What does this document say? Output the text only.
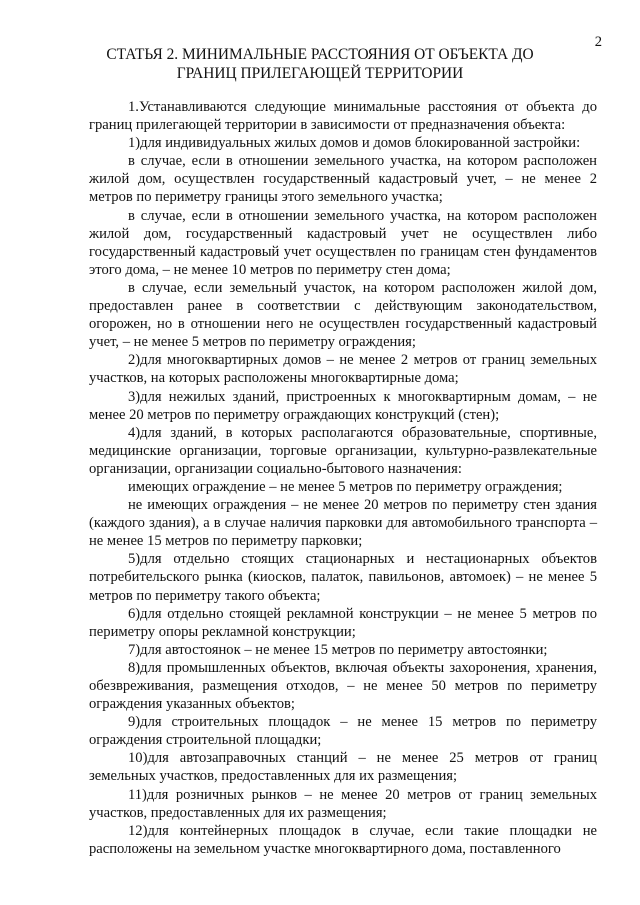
2
СТАТЬЯ 2. МИНИМАЛЬНЫЕ РАССТОЯНИЯ ОТ ОБЪЕКТА ДО ГРАНИЦ ПРИЛЕГАЮЩЕЙ ТЕРРИТОРИИ

1.Устанавливаются следующие минимальные расстояния от объекта до границ прилегающей территории в зависимости от предназначения объекта:

1)для индивидуальных жилых домов и домов блокированной застройки:

в случае, если в отношении земельного участка, на котором расположен жилой дом, осуществлен государственный кадастровый учет, – не менее 2 метров по периметру границы этого земельного участка;

в случае, если в отношении земельного участка, на котором расположен жилой дом, государственный кадастровый учет не осуществлен либо государственный кадастровый учет осуществлен по границам стен фундаментов этого дома, – не менее 10 метров по периметру стен дома;

в случае, если земельный участок, на котором расположен жилой дом, предоставлен ранее в соответствии с действующим законодательством, огорожен, но в отношении него не осуществлен государственный кадастровый учет, – не менее 5 метров по периметру ограждения;

2)для многоквартирных домов – не менее 2 метров от границ земельных участков, на которых расположены многоквартирные дома;

3)для нежилых зданий, пристроенных к многоквартирным домам, – не менее 20 метров по периметру ограждающих конструкций (стен);

4)для зданий, в которых располагаются образовательные, спортивные, медицинские организации, торговые организации, культурно-развлекательные организации, организации социально-бытового назначения:

имеющих ограждение – не менее 5 метров по периметру ограждения;

не имеющих ограждения – не менее 20 метров по периметру стен здания (каждого здания), а в случае наличия парковки для автомобильного транспорта – не менее 15 метров по периметру парковки;

5)для отдельно стоящих стационарных и нестационарных объектов потребительского рынка (киосков, палаток, павильонов, автомоек) – не менее 5 метров по периметру такого объекта;

6)для отдельно стоящей рекламной конструкции – не менее 5 метров по периметру опоры рекламной конструкции;

7)для автостоянок – не менее 15 метров по периметру автостоянки;

8)для промышленных объектов, включая объекты захоронения, хранения, обезвреживания, размещения отходов, – не менее 50 метров по периметру ограждения указанных объектов;

9)для строительных площадок – не менее 15 метров по периметру ограждения строительной площадки;

10)для автозаправочных станций – не менее 25 метров от границ земельных участков, предоставленных для их размещения;

11)для розничных рынков – не менее 20 метров от границ земельных участков, предоставленных для их размещения;

12)для контейнерных площадок в случае, если такие площадки не расположены на земельном участке многоквартирного дома, поставленного
